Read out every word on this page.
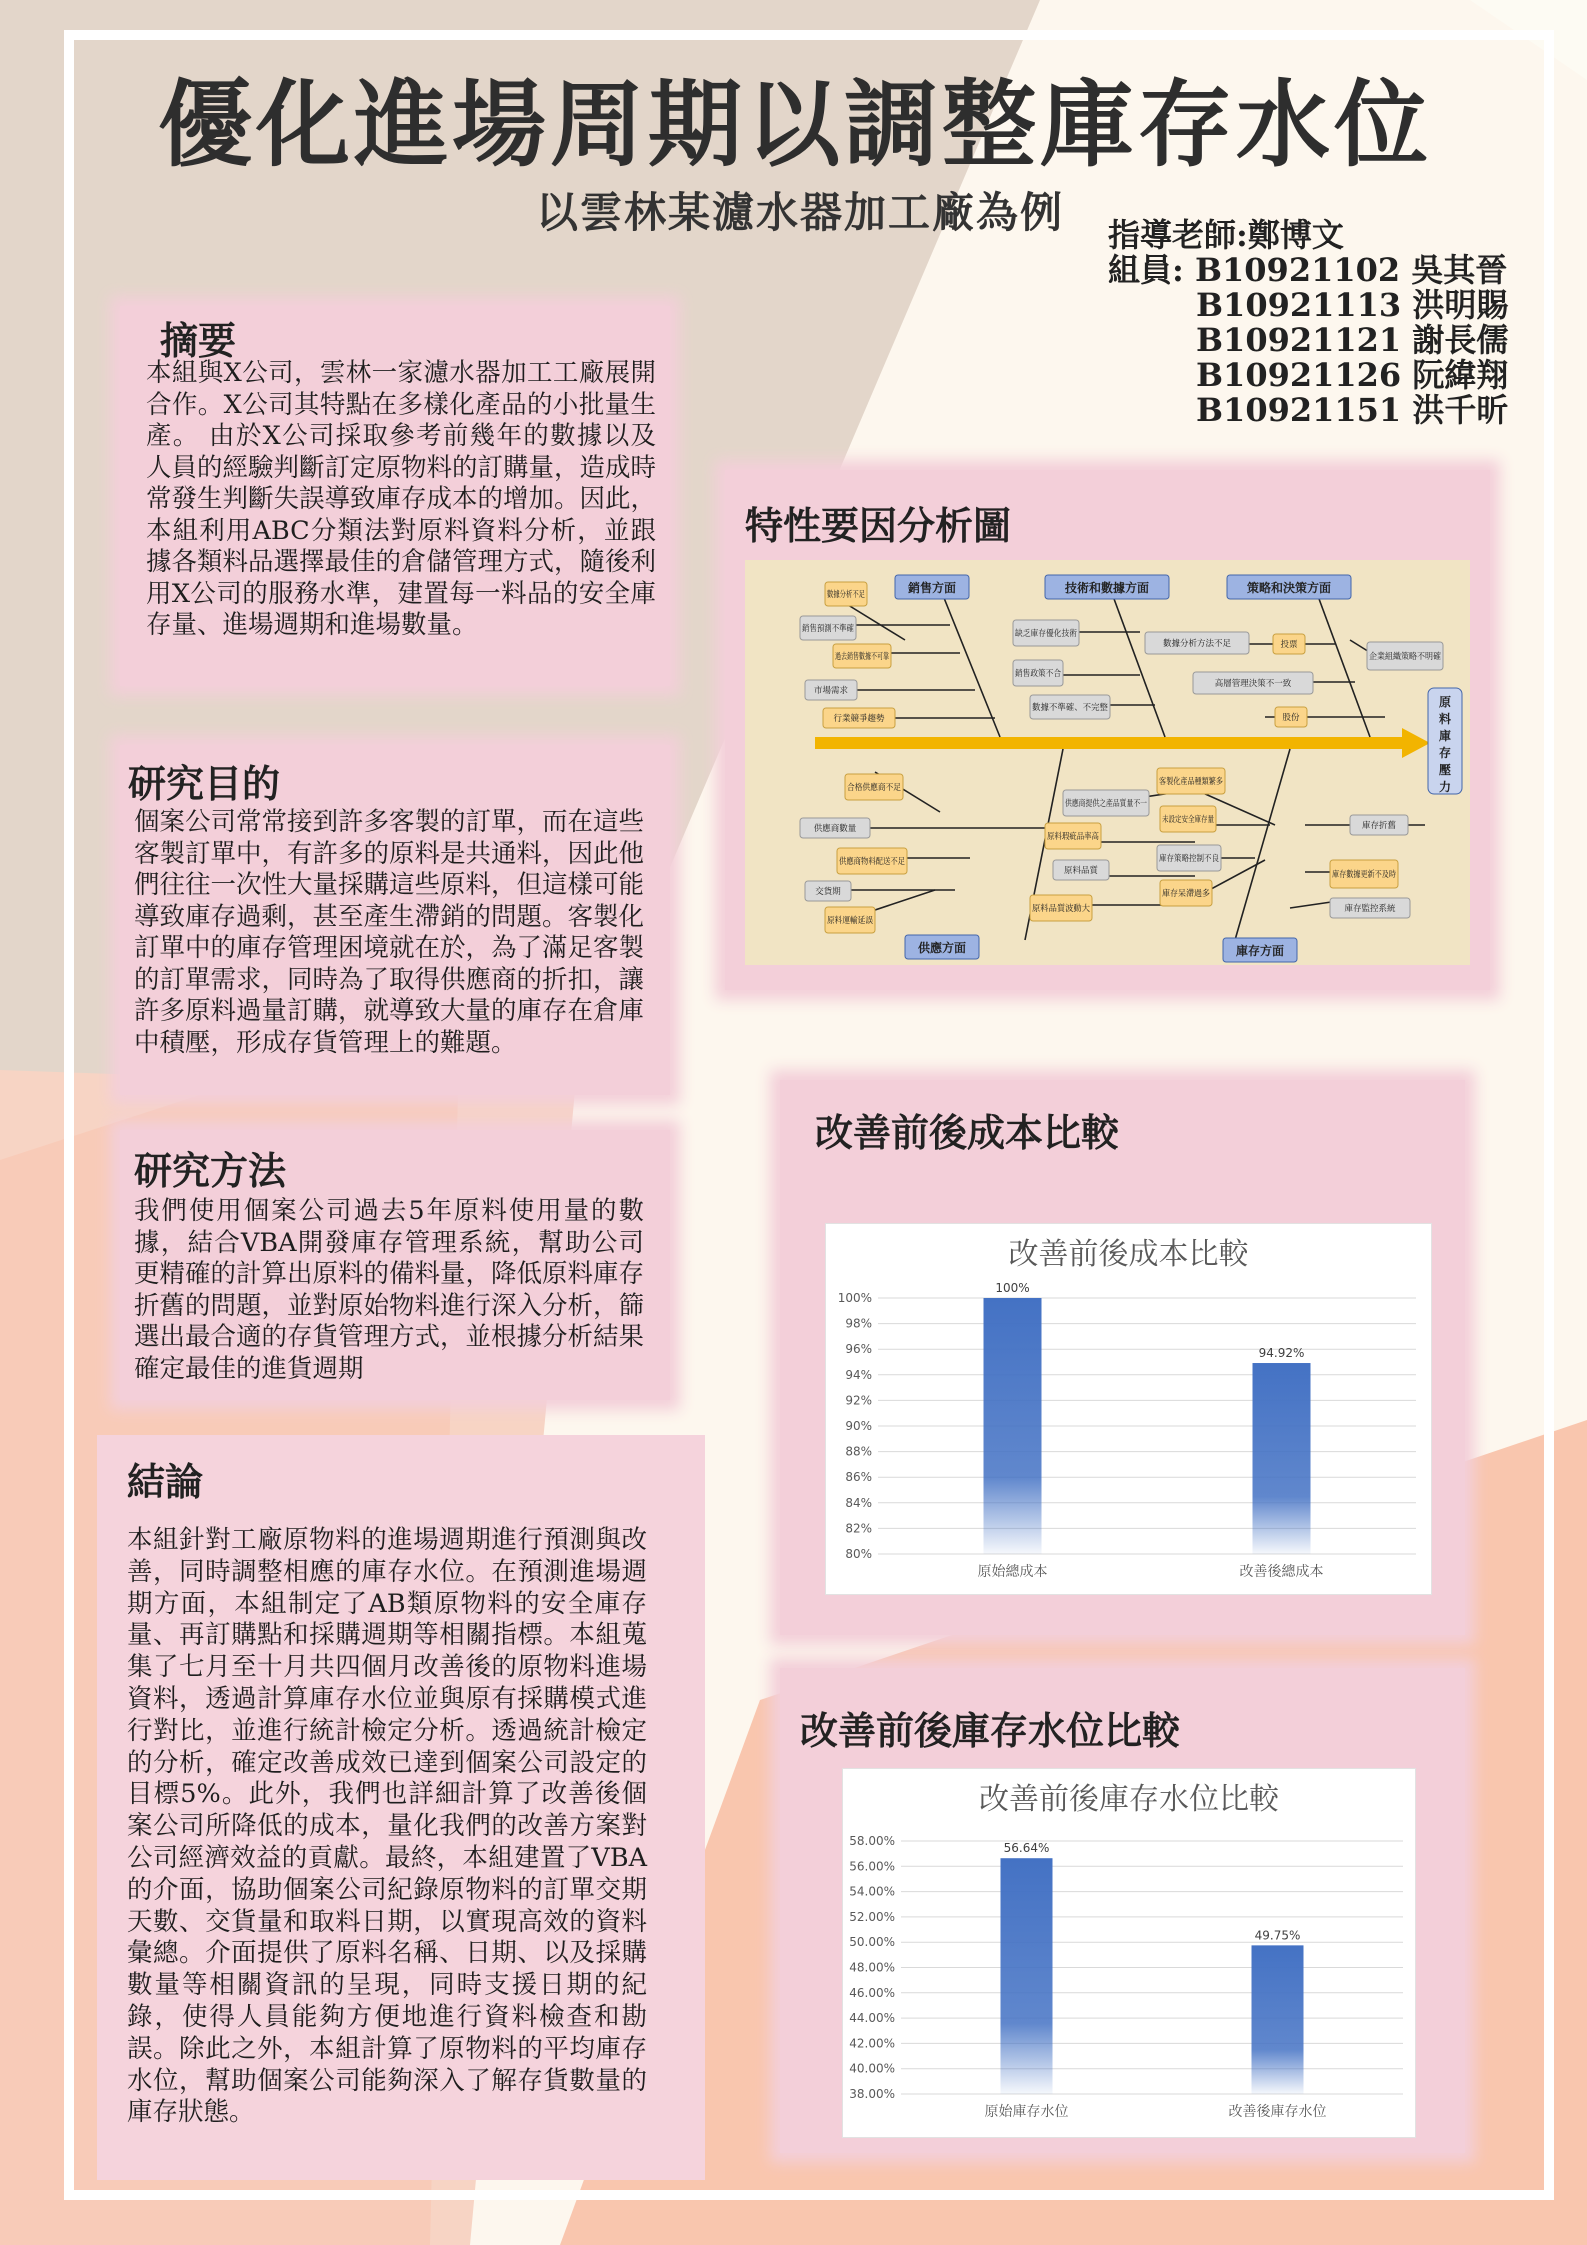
優化進場周期以調整庫存水位
以雲林某濾水器加工廠為例	指導老師:鄭博文
組員: B10921102 吳其晉
B10921113 洪明賜
B10921121 謝長儒
B10921126 阮緯翔
B10921151 洪千昕
摘要
本組與X公司，雲林一家濾水器加工工廠展開合作。X公司其特點在多樣化產品的小批量生產。 由於X公司採取參考前幾年的數據以及人員的經驗判斷訂定原物料的訂購量，造成時常發生判斷失誤導致庫存成本的增加。因此，本組利用ABC分類法對原料資料分析，並跟據各類料品選擇最佳的倉儲管理方式，隨後利用X公司的服務水準，建置每一料品的安全庫存量、進場週期和進場數量。
研究目的
個案公司常常接到許多客製的訂單，而在這些客製訂單中，有許多的原料是共通料，因此他們往往一次性大量採購這些原料，但這樣可能導致庫存過剩，甚至產生滯銷的問題。客製化訂單中的庫存管理困境就在於，為了滿足客製的訂單需求，同時為了取得供應商的折扣，讓許多原料過量訂購，就導致大量的庫存在倉庫中積壓，形成存貨管理上的難題。
研究方法
我們使用個案公司過去5年原料使用量的數據，結合VBA開發庫存管理系統，幫助公司更精確的計算出原料的備料量，降低原料庫存折舊的問題，並對原始物料進行深入分析，篩選出最合適的存貨管理方式，並根據分析結果確定最佳的進貨週期
結論
本組針對工廠原物料的進場週期進行預測與改善，同時調整相應的庫存水位。在預測進場週期方面，本組制定了AB類原物料的安全庫存量、再訂購點和採購週期等相關指標。本組蒐集了七月至十月共四個月改善後的原物料進場資料，透過計算庫存水位並與原有採購模式進行對比，並進行統計檢定分析。透過統計檢定的分析，確定改善成效已達到個案公司設定的目標5%。此外，我們也詳細計算了改善後個案公司所降低的成本，量化我們的改善方案對公司經濟效益的貢獻。最終，本組建置了VBA的介面，協助個案公司紀錄原物料的訂單交期天數、交貨量和取料日期，以實現高效的資料彙總。介面提供了原料名稱、日期、以及採購數量等相關資訊的呈現，同時支援日期的紀錄，使得人員能夠方便地進行資料檢查和勘誤。除此之外，本組計算了原物料的平均庫存水位，幫助個案公司能夠深入了解存貨數量的庫存狀態。
特性要因分析圖
原
料
庫
存
壓
力
銷售方面	技術和數據方面	策略和決策方面
供應方面	庫存方面
數據分析不足
銷售預測不準確
過去銷售數據不可靠
市場需求
行業競爭趨勢
缺乏庫存優化技術
銷售政策不合
數據不準確、不完整
數據分析方法不足	投票
企業組織策略不明確
高層管理決策不一致
股份
合格供應商不足
供應商數量
供應商物料配送不足
交貨期
原料運輸延誤
供應商提供之產品質量不一
原料瑕疵品率高
原料品質
原料品質波動大
客製化產品種類繁多
未設定安全庫存量
庫存策略控制不良
庫存呆滯過多
庫存折舊
庫存數據更新不及時
庫存監控系統
改善前後成本比較
改善前後成本比較
80%
82%
84%
86%
88%
90%
92%
94%
96%
98%
100%
100%
原始總成本
94.92%
改善後總成本
改善前後庫存水位比較
改善前後庫存水位比較
38.00%
40.00%
42.00%
44.00%
46.00%
48.00%
50.00%
52.00%
54.00%
56.00%
58.00%
56.64%
原始庫存水位
49.75%
改善後庫存水位
